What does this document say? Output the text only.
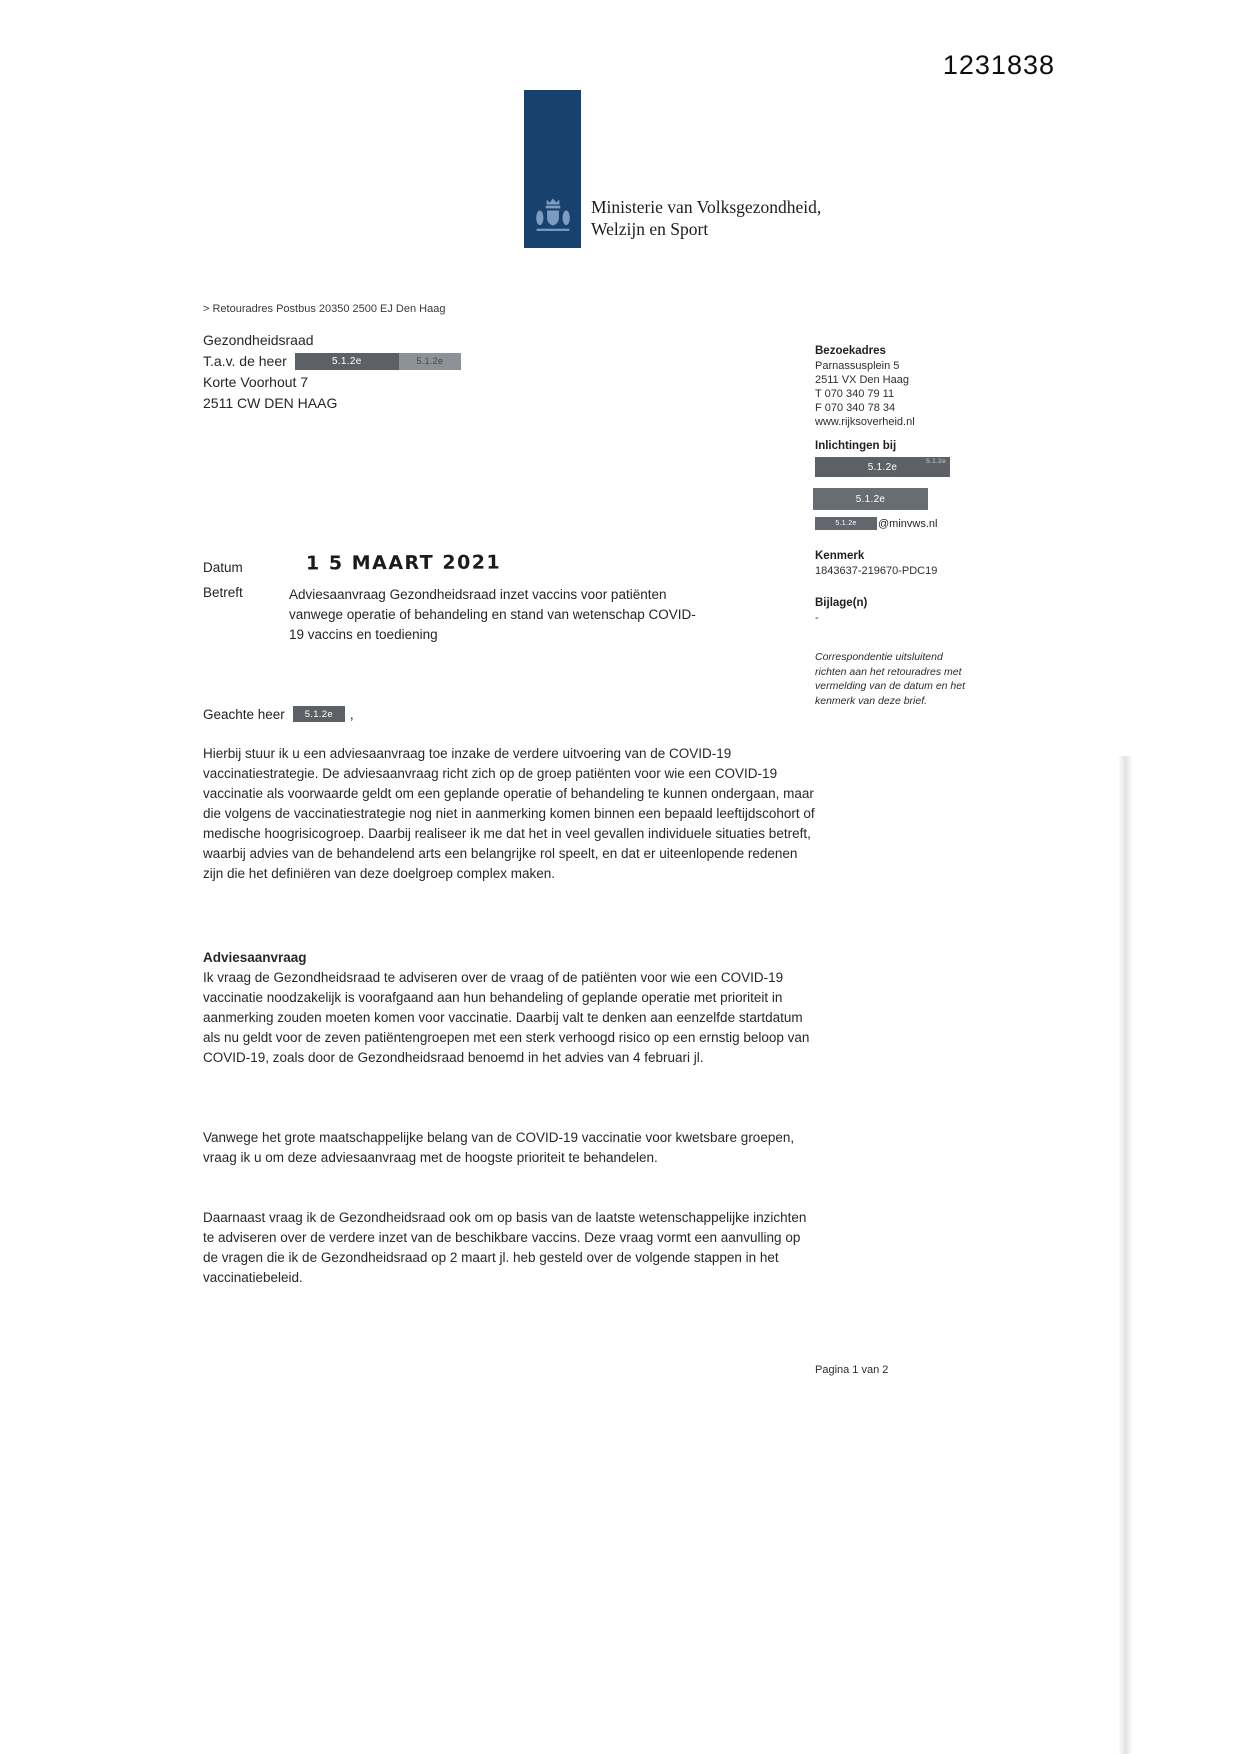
1231838
Ministerie van Volksgezondheid,
Welzijn en Sport
> Retouradres Postbus 20350 2500 EJ Den Haag
Gezondheidsraad
T.a.v. de heer	5.1.2e	5.1.2e
Korte Voorhout 7
2511 CW DEN HAAG
Bezoekadres
Parnassusplein 5
2511 VX Den Haag
T 070 340 79 11
F 070 340 78 34
www.rijksoverheid.nl
Inlichtingen bij
5.1.2e
5.1.2e
5.1.2e
5.1.2e	@minvws.nl
Kenmerk
1843637-219670-PDC19
Bijlage(n)
-
Correspondentie uitsluitend richten aan het retouradres met vermelding van de datum en het kenmerk van deze brief.
Datum	1 5 MAART 2021
Betreft	Adviesaanvraag Gezondheidsraad inzet vaccins voor patiënten vanwege operatie of behandeling en stand van wetenschap COVID-19 vaccins en toediening
Geachte heer	5.1.2e	,
Hierbij stuur ik u een adviesaanvraag toe inzake de verdere uitvoering van de COVID-19 vaccinatiestrategie. De adviesaanvraag richt zich op de groep patiënten voor wie een COVID-19 vaccinatie als voorwaarde geldt om een geplande operatie of behandeling te kunnen ondergaan, maar die volgens de vaccinatiestrategie nog niet in aanmerking komen binnen een bepaald leeftijdscohort of medische hoogrisicogroep. Daarbij realiseer ik me dat het in veel gevallen individuele situaties betreft, waarbij advies van de behandelend arts een belangrijke rol speelt, en dat er uiteenlopende redenen zijn die het definiëren van deze doelgroep complex maken.
Adviesaanvraag
Ik vraag de Gezondheidsraad te adviseren over de vraag of de patiënten voor wie een COVID-19 vaccinatie noodzakelijk is voorafgaand aan hun behandeling of geplande operatie met prioriteit in aanmerking zouden moeten komen voor vaccinatie. Daarbij valt te denken aan eenzelfde startdatum als nu geldt voor de zeven patiëntengroepen met een sterk verhoogd risico op een ernstig beloop van COVID-19, zoals door de Gezondheidsraad benoemd in het advies van 4 februari jl.
Vanwege het grote maatschappelijke belang van de COVID-19 vaccinatie voor kwetsbare groepen, vraag ik u om deze adviesaanvraag met de hoogste prioriteit te behandelen.
Daarnaast vraag ik de Gezondheidsraad ook om op basis van de laatste wetenschappelijke inzichten te adviseren over de verdere inzet van de beschikbare vaccins. Deze vraag vormt een aanvulling op de vragen die ik de Gezondheidsraad op 2 maart jl. heb gesteld over de volgende stappen in het vaccinatiebeleid.
Pagina 1 van 2
